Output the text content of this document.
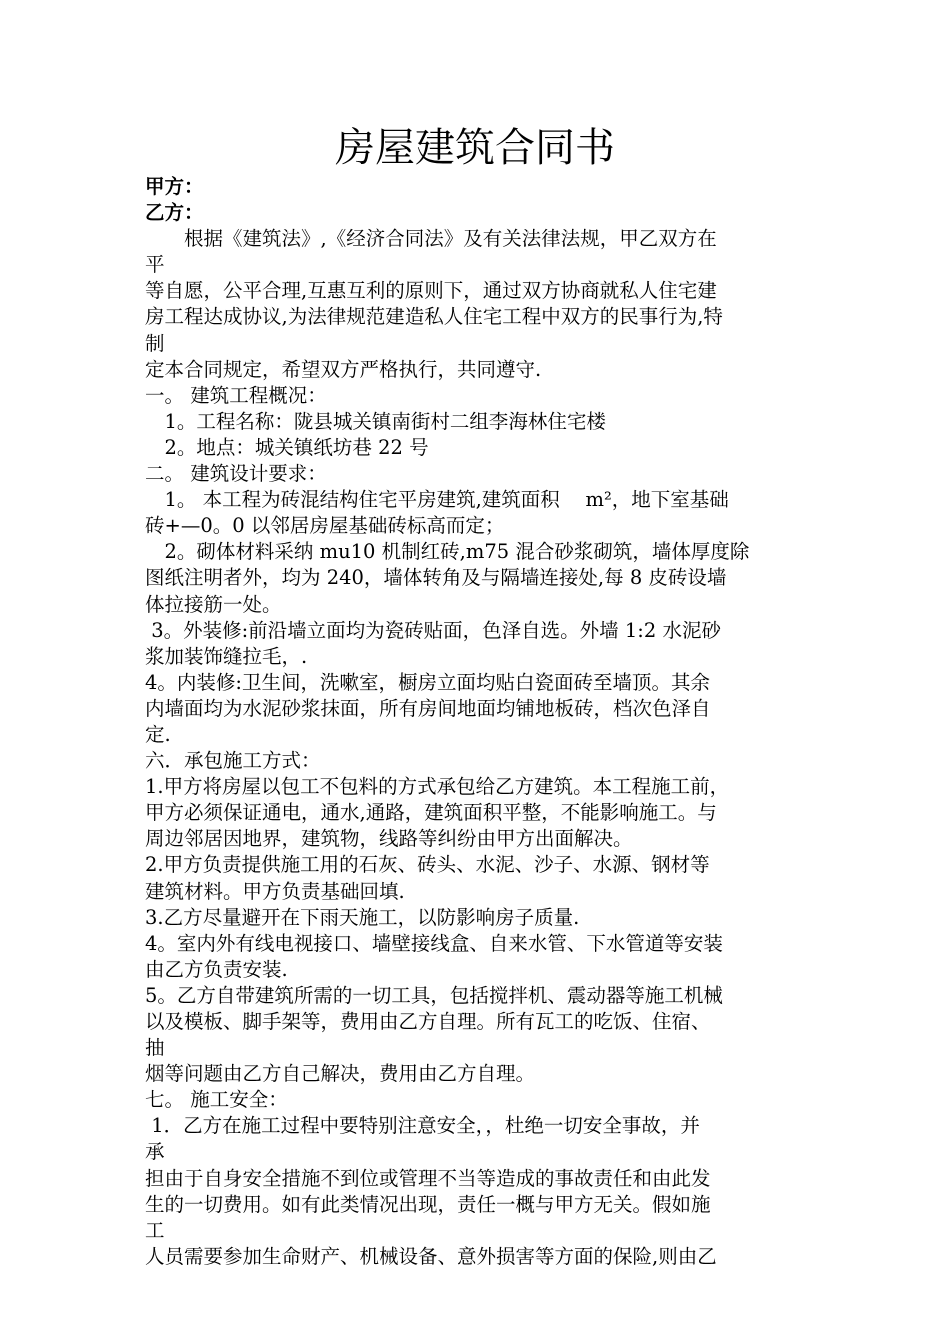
房屋建筑合同书

甲方：

乙方：

　　根据《建筑法》,《经济合同法》及有关法律法规，甲乙双方在

平

等自愿，公平合理,互惠互利的原则下，通过双方协商就私人住宅建

房工程达成协议,为法律规范建造私人住宅工程中双方的民事行为,特

制

定本合同规定，希望双方严格执行，共同遵守.

一。 建筑工程概况：

　1。工程名称：陇县城关镇南街村二组李海林住宅楼

　2。地点：城关镇纸坊巷 22 号

二。 建筑设计要求：

　1。 本工程为砖混结构住宅平房建筑,建筑面积　 m²，地下室基础

砖+—0。0 以邻居房屋基础砖标高而定；

　2。砌体材料采纳 mu10 机制红砖,m75 混合砂浆砌筑，墙体厚度除

图纸注明者外，均为 240，墙体转角及与隔墙连接处,每 8 皮砖设墙

体拉接筋一处。

3。外装修:前沿墙立面均为瓷砖贴面，色泽自选。外墙 1:2 水泥砂

浆加装饰缝拉毛，.

4。内装修:卫生间，洗嗽室，橱房立面均贴白瓷面砖至墙顶。其余

内墙面均为水泥砂浆抹面，所有房间地面均铺地板砖，档次色泽自

定.

六．承包施工方式：

1.甲方将房屋以包工不包料的方式承包给乙方建筑。本工程施工前，

甲方必须保证通电，通水,通路，建筑面积平整，不能影响施工。与

周边邻居因地界，建筑物，线路等纠纷由甲方出面解决。

2.甲方负责提供施工用的石灰、砖头、水泥、沙子、水源、钢材等

建筑材料。甲方负责基础回填.

3.乙方尽量避开在下雨天施工，以防影响房子质量.

4。室内外有线电视接口、墙壁接线盒、自来水管、下水管道等安装

由乙方负责安装.

5。乙方自带建筑所需的一切工具，包括搅拌机、震动器等施工机械

以及模板、脚手架等，费用由乙方自理。所有瓦工的吃饭、住宿、

抽

烟等问题由乙方自己解决，费用由乙方自理。

七。 施工安全：

1．乙方在施工过程中要特别注意安全，，杜绝一切安全事故，并

承

担由于自身安全措施不到位或管理不当等造成的事故责任和由此发

生的一切费用。如有此类情况出现，责任一概与甲方无关。假如施

工

人员需要参加生命财产、机械设备、意外损害等方面的保险,则由乙
